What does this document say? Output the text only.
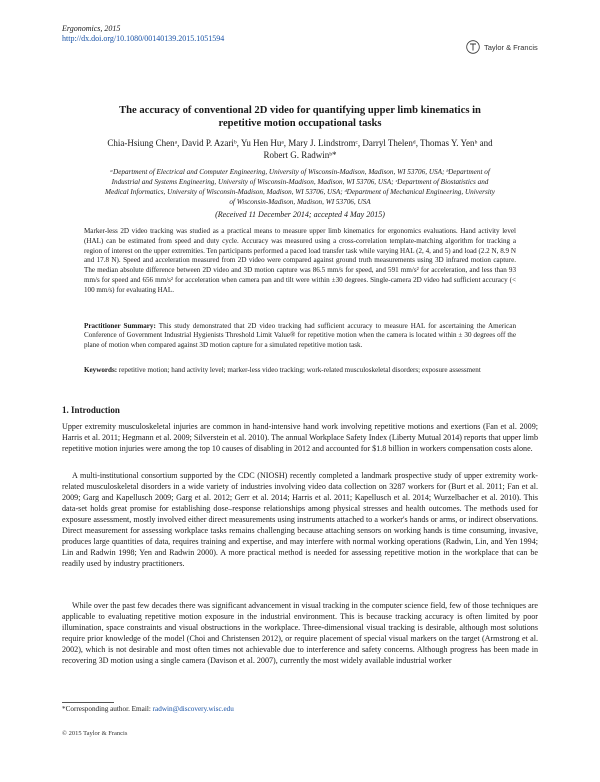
Ergonomics, 2015
http://dx.doi.org/10.1080/00140139.2015.1051594
Taylor & Francis
The accuracy of conventional 2D video for quantifying upper limb kinematics in
repetitive motion occupational tasks
Chia-Hsiung Chenᵃ, David P. Azariᵇ, Yu Hen Huᵃ, Mary J. Lindstromᶜ, Darryl Thelenᵈ, Thomas Y. Yenᵇ and
Robert G. Radwinᵇ*
ᵃDepartment of Electrical and Computer Engineering, University of Wisconsin-Madison, Madison, WI 53706, USA; ᵇDepartment of
Industrial and Systems Engineering, University of Wisconsin-Madison, Madison, WI 53706, USA; ᶜDepartment of Biostatistics and
Medical Informatics, University of Wisconsin-Madison, Madison, WI 53706, USA; ᵈDepartment of Mechanical Engineering, University
of Wisconsin-Madison, Madison, WI 53706, USA
(Received 11 December 2014; accepted 4 May 2015)
Marker-less 2D video tracking was studied as a practical means to measure upper limb kinematics for ergonomics evaluations. Hand activity level (HAL) can be estimated from speed and duty cycle. Accuracy was measured using a cross-correlation template-matching algorithm for tracking a region of interest on the upper extremities. Ten participants performed a paced load transfer task while varying HAL (2, 4, and 5) and load (2.2 N, 8.9 N and 17.8 N). Speed and acceleration measured from 2D video were compared against ground truth measurements using 3D infrared motion capture. The median absolute difference between 2D video and 3D motion capture was 86.5 mm/s for speed, and 591 mm/s² for acceleration, and less than 93 mm/s for speed and 656 mm/s² for acceleration when camera pan and tilt were within ±30 degrees. Single-camera 2D video had sufficient accuracy (< 100 mm/s) for evaluating HAL.
Practitioner Summary: This study demonstrated that 2D video tracking had sufficient accuracy to measure HAL for ascertaining the American Conference of Government Industrial Hygienists Threshold Limit Value® for repetitive motion when the camera is located within ± 30 degrees off the plane of motion when compared against 3D motion capture for a simulated repetitive motion task.
Keywords: repetitive motion; hand activity level; marker-less video tracking; work-related musculoskeletal disorders; exposure assessment
1. Introduction
Upper extremity musculoskeletal injuries are common in hand-intensive hand work involving repetitive motions and exertions (Fan et al. 2009; Harris et al. 2011; Hegmann et al. 2009; Silverstein et al. 2010). The annual Workplace Safety Index (Liberty Mutual 2014) reports that upper limb repetitive motion injuries were among the top 10 causes of disabling in 2012 and accounted for $1.8 billion in workers compensation costs alone.
A multi-institutional consortium supported by the CDC (NIOSH) recently completed a landmark prospective study of upper extremity work-related musculoskeletal disorders in a wide variety of industries involving video data collection on 3287 workers for (Burt et al. 2011; Fan et al. 2009; Garg and Kapellusch 2009; Garg et al. 2012; Gerr et al. 2014; Harris et al. 2011; Kapellusch et al. 2014; Wurzelbacher et al. 2010). This data-set holds great promise for establishing dose–response relationships among physical stresses and health outcomes. The methods used for exposure assessment, mostly involved either direct measurements using instruments attached to a worker's hands or arms, or indirect observations. Direct measurement for assessing workplace tasks remains challenging because attaching sensors on working hands is time consuming, invasive, produces large quantities of data, requires training and expertise, and may interfere with normal working operations (Radwin, Lin, and Yen 1994; Lin and Radwin 1998; Yen and Radwin 2000). A more practical method is needed for assessing repetitive motion in the workplace that can be readily used by industry practitioners.
While over the past few decades there was significant advancement in visual tracking in the computer science field, few of those techniques are applicable to evaluating repetitive motion exposure in the industrial environment. This is because tracking accuracy is often limited by poor illumination, space constraints and visual obstructions in the workplace. Three-dimensional visual tracking is desirable, although most solutions require prior knowledge of the model (Choi and Christensen 2012), or require placement of special visual markers on the target (Armstrong et al. 2002), which is not desirable and most often times not achievable due to interference and safety concerns. Although progress has been made in recovering 3D motion using a single camera (Davison et al. 2007), currently the most widely available industrial worker
*Corresponding author. Email: radwin@discovery.wisc.edu
© 2015 Taylor & Francis
